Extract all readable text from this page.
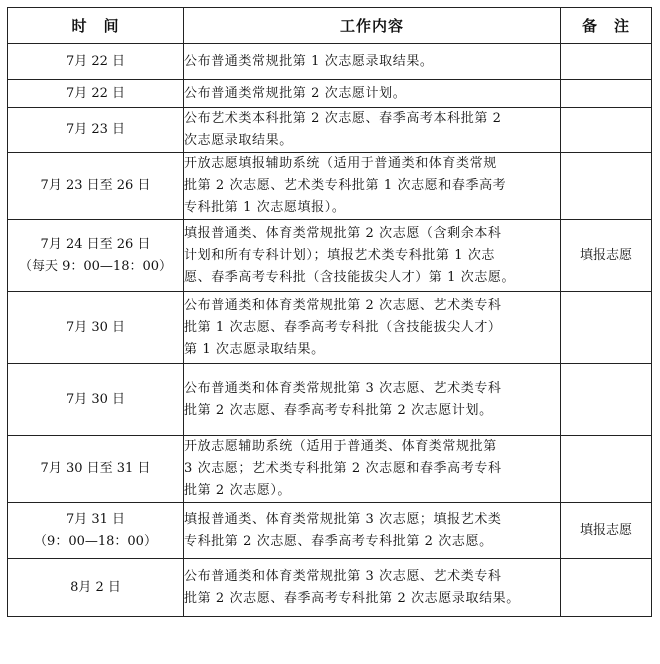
时　间	工作内容	备　注

7月 22 日	公布普通类常规批第 1 次志愿录取结果。	

7月 22 日	公布普通类常规批第 2 次志愿计划。	

7月 23 日	公布艺术类本科批第 2 次志愿、春季高考本科批第 2
次志愿录取结果。	

7月 23 日至 26 日	开放志愿填报辅助系统（适用于普通类和体育类常规
批第 2 次志愿、艺术类专科批第 1 次志愿和春季高考
专科批第 1 次志愿填报）。	

7月 24 日至 26 日
（每天 9：00—18：00）	填报普通类、体育类常规批第 2 次志愿（含剩余本科
计划和所有专科计划）；填报艺术类专科批第 1 次志
愿、春季高考专科批（含技能拔尖人才）第 1 次志愿。	填报志愿

7月 30 日	公布普通类和体育类常规批第 2 次志愿、艺术类专科
批第 1 次志愿、春季高考专科批（含技能拔尖人才）
第 1 次志愿录取结果。	

7月 30 日	公布普通类和体育类常规批第 3 次志愿、艺术类专科
批第 2 次志愿、春季高考专科批第 2 次志愿计划。	

7月 30 日至 31 日	开放志愿辅助系统（适用于普通类、体育类常规批第
3 次志愿；艺术类专科批第 2 次志愿和春季高考专科
批第 2 次志愿）。	

7月 31 日
（9：00—18：00）	填报普通类、体育类常规批第 3 次志愿；填报艺术类
专科批第 2 次志愿、春季高考专科批第 2 次志愿。	填报志愿

8月 2 日	公布普通类和体育类常规批第 3 次志愿、艺术类专科
批第 2 次志愿、春季高考专科批第 2 次志愿录取结果。	
